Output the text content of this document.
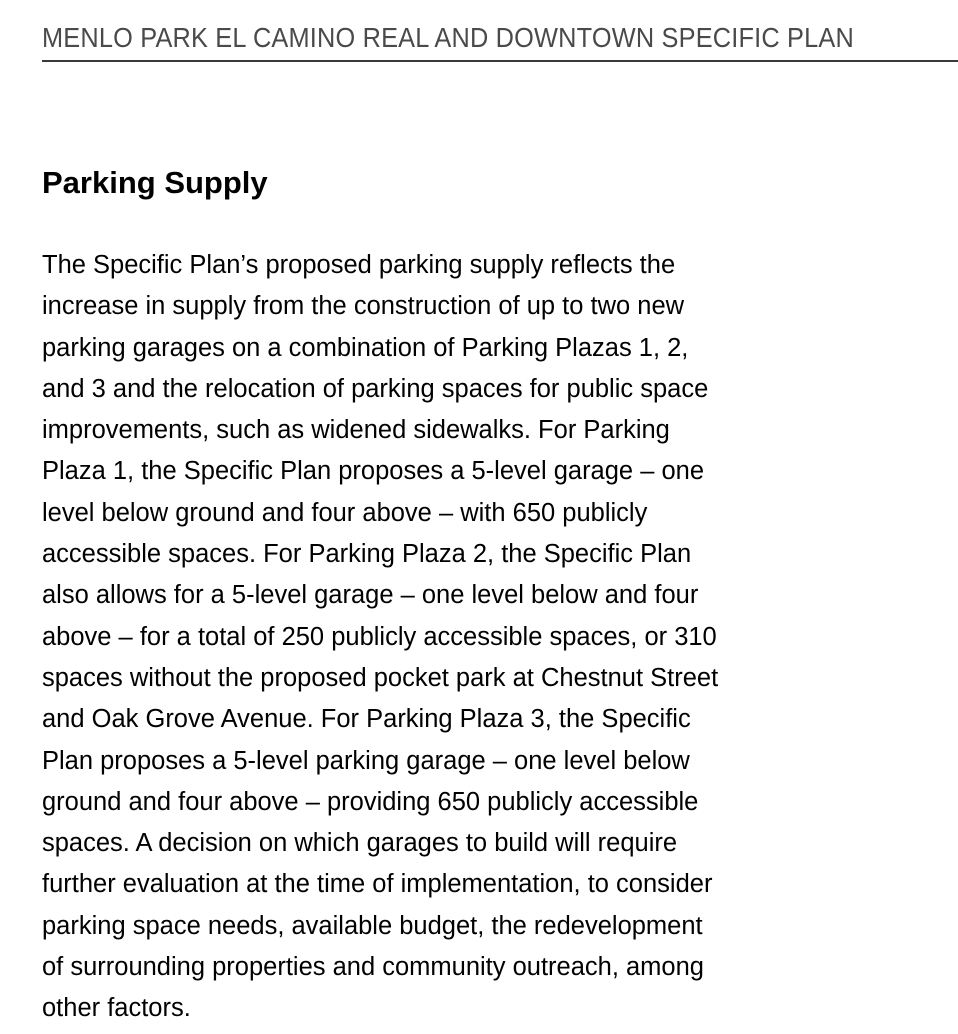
MENLO PARK EL CAMINO REAL AND DOWNTOWN SPECIFIC PLAN
Parking Supply
The Specific Plan’s proposed parking supply reflects the
increase in supply from the construction of up to two new
parking garages on a combination of Parking Plazas 1, 2,
and 3 and the relocation of parking spaces for public space
improvements, such as widened sidewalks. For Parking
Plaza 1, the Specific Plan proposes a 5-level garage – one
level below ground and four above – with 650 publicly
accessible spaces. For Parking Plaza 2, the Specific Plan
also allows for a 5-level garage – one level below and four
above – for a total of 250 publicly accessible spaces, or 310
spaces without the proposed pocket park at Chestnut Street
and Oak Grove Avenue. For Parking Plaza 3, the Specific
Plan proposes a 5-level parking garage – one level below
ground and four above – providing 650 publicly accessible
spaces. A decision on which garages to build will require
further evaluation at the time of implementation, to consider
parking space needs, available budget, the redevelopment
of surrounding properties and community outreach, among
other factors.
